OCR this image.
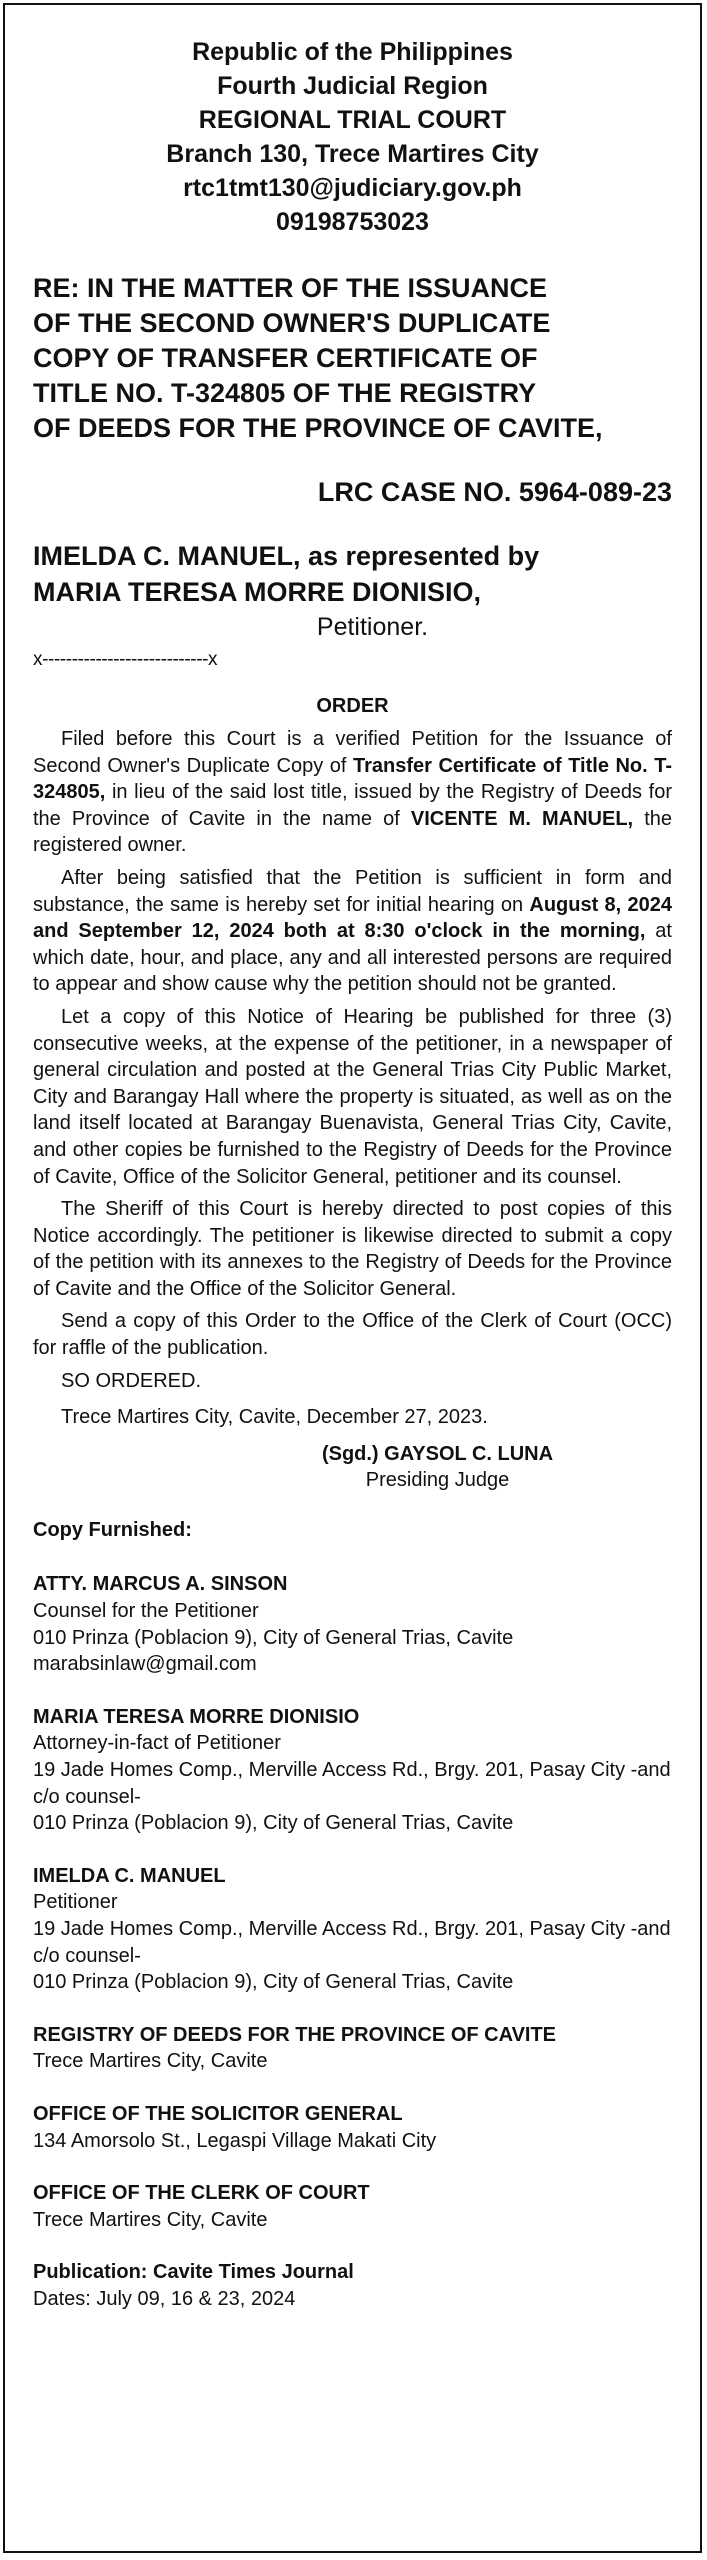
Republic of the Philippines
Fourth Judicial Region
REGIONAL TRIAL COURT
Branch 130, Trece Martires City
rtc1tmt130@judiciary.gov.ph
09198753023
RE: IN THE MATTER OF THE ISSUANCE
OF THE SECOND OWNER'S DUPLICATE
COPY OF TRANSFER CERTIFICATE OF
TITLE NO. T-324805 OF THE REGISTRY
OF DEEDS FOR THE PROVINCE OF CAVITE,
LRC CASE NO. 5964-089-23
IMELDA C. MANUEL, as represented by
MARIA TERESA MORRE DIONISIO,
Petitioner.
x----------------------------x
ORDER

Filed before this Court is a verified Petition for the Issuance of Second Owner's Duplicate Copy of Transfer Certificate of Title No. T-324805, in lieu of the said lost title, issued by the Registry of Deeds for the Province of Cavite in the name of VICENTE M. MANUEL, the registered owner.

After being satisfied that the Petition is sufficient in form and substance, the same is hereby set for initial hearing on August 8, 2024 and September 12, 2024 both at 8:30 o'clock in the morning, at which date, hour, and place, any and all interested persons are required to appear and show cause why the petition should not be granted.

Let a copy of this Notice of Hearing be published for three (3) consecutive weeks, at the expense of the petitioner, in a newspaper of general circulation and posted at the General Trias City Public Market, City and Barangay Hall where the property is situated, as well as on the land itself located at Barangay Buenavista, General Trias City, Cavite, and other copies be furnished to the Registry of Deeds for the Province of Cavite, Office of the Solicitor General, petitioner and its counsel.

The Sheriff of this Court is hereby directed to post copies of this Notice accordingly. The petitioner is likewise directed to submit a copy of the petition with its annexes to the Registry of Deeds for the Province of Cavite and the Office of the Solicitor General.

Send a copy of this Order to the Office of the Clerk of Court (OCC) for raffle of the publication.

SO ORDERED.

Trece Martires City, Cavite, December 27, 2023.

(Sgd.) GAYSOL C. LUNA
Presiding Judge
Copy Furnished:
ATTY. MARCUS A. SINSON
Counsel for the Petitioner
010 Prinza (Poblacion 9), City of General Trias, Cavite
marabsinlaw@gmail.com
MARIA TERESA MORRE DIONISIO
Attorney-in-fact of Petitioner
19 Jade Homes Comp., Merville Access Rd., Brgy. 201, Pasay City -and c/o counsel-
010 Prinza (Poblacion 9), City of General Trias, Cavite
IMELDA C. MANUEL
Petitioner
19 Jade Homes Comp., Merville Access Rd., Brgy. 201, Pasay City -and c/o counsel-
010 Prinza (Poblacion 9), City of General Trias, Cavite
REGISTRY OF DEEDS FOR THE PROVINCE OF CAVITE
Trece Martires City, Cavite
OFFICE OF THE SOLICITOR GENERAL
134 Amorsolo St., Legaspi Village Makati City
OFFICE OF THE CLERK OF COURT
Trece Martires City, Cavite
Publication: Cavite Times Journal
Dates: July 09, 16 & 23, 2024
